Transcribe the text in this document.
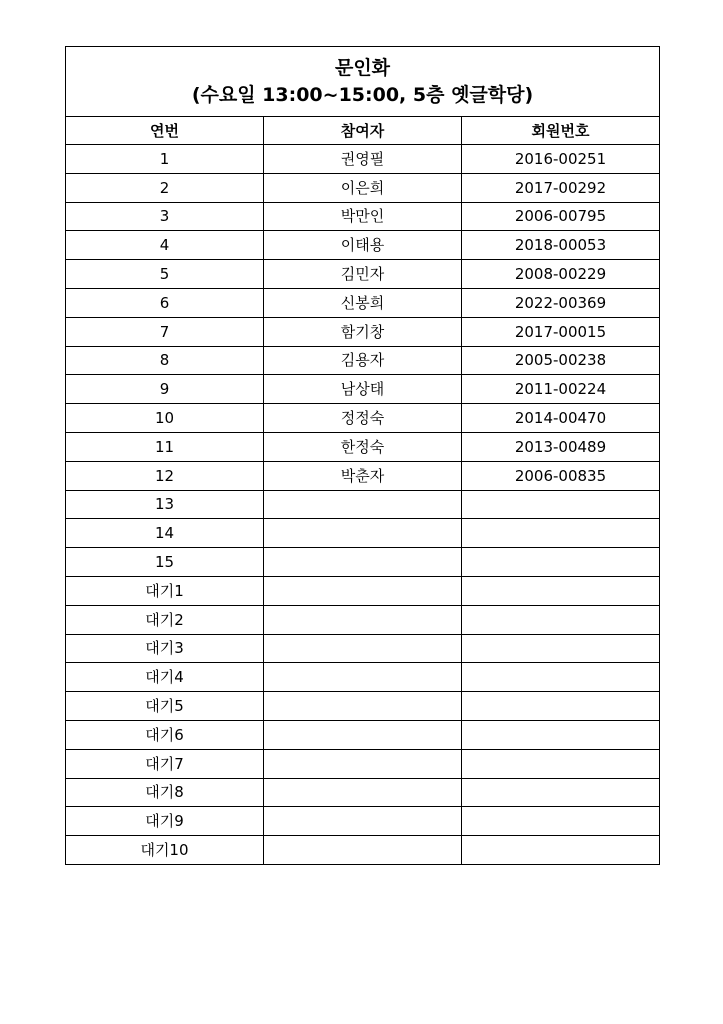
문인화
(수요일 13:00~15:00, 5층 옛글학당)		

연번	참여자	회원번호
1	권영필	2016-00251
2	이은희	2017-00292
3	박만인	2006-00795
4	이태용	2018-00053
5	김민자	2008-00229
6	신봉희	2022-00369
7	함기창	2017-00015
8	김용자	2005-00238
9	남상태	2011-00224
10	정정숙	2014-00470
11	한정숙	2013-00489
12	박춘자	2006-00835
13		
14		
15		
대기1		
대기2		
대기3		
대기4		
대기5		
대기6		
대기7		
대기8		
대기9		
대기10		
